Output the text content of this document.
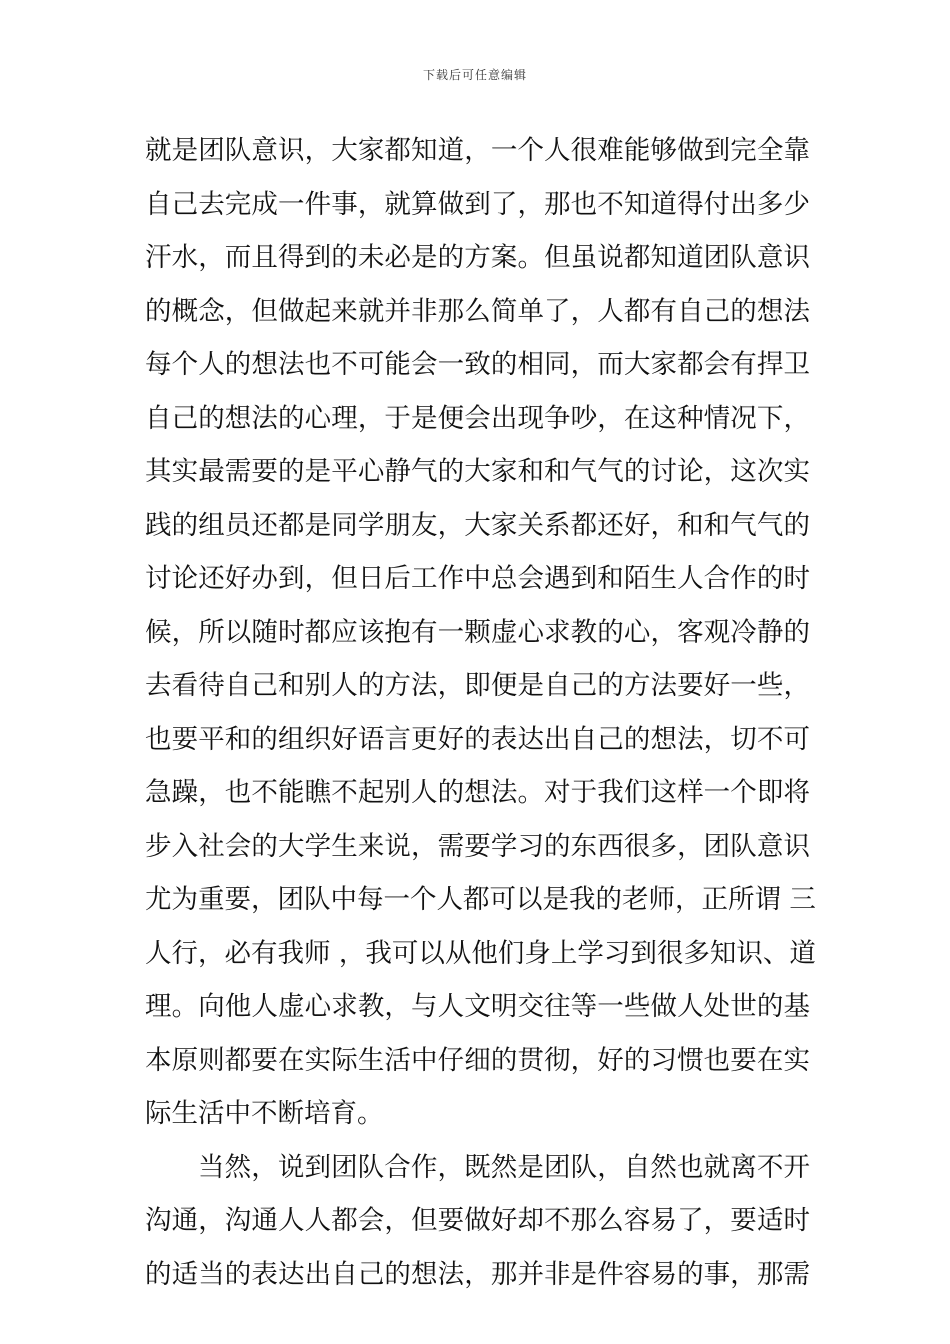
下载后可任意编辑
就是团队意识，大家都知道，一个人很难能够做到完全靠
自己去完成一件事，就算做到了，那也不知道得付出多少
汗水，而且得到的未必是的方案。但虽说都知道团队意识
的概念，但做起来就并非那么简单了，人都有自己的想法
每个人的想法也不可能会一致的相同，而大家都会有捍卫
自己的想法的心理，于是便会出现争吵，在这种情况下，
其实最需要的是平心静气的大家和和气气的讨论，这次实
践的组员还都是同学朋友，大家关系都还好，和和气气的
讨论还好办到，但日后工作中总会遇到和陌生人合作的时
候，所以随时都应该抱有一颗虚心求教的心，客观冷静的
去看待自己和别人的方法，即便是自己的方法要好一些，
也要平和的组织好语言更好的表达出自己的想法，切不可
急躁，也不能瞧不起别人的想法。对于我们这样一个即将
步入社会的大学生来说，需要学习的东西很多，团队意识
尤为重要，团队中每一个人都可以是我的老师，正所谓 三
人行，必有我师 ，我可以从他们身上学习到很多知识、道
理。向他人虚心求教，与人文明交往等一些做人处世的基
本原则都要在实际生活中仔细的贯彻，好的习惯也要在实
际生活中不断培育。
当然，说到团队合作，既然是团队，自然也就离不开
沟通，沟通人人都会，但要做好却不那么容易了，要适时
的适当的表达出自己的想法，那并非是件容易的事，那需
